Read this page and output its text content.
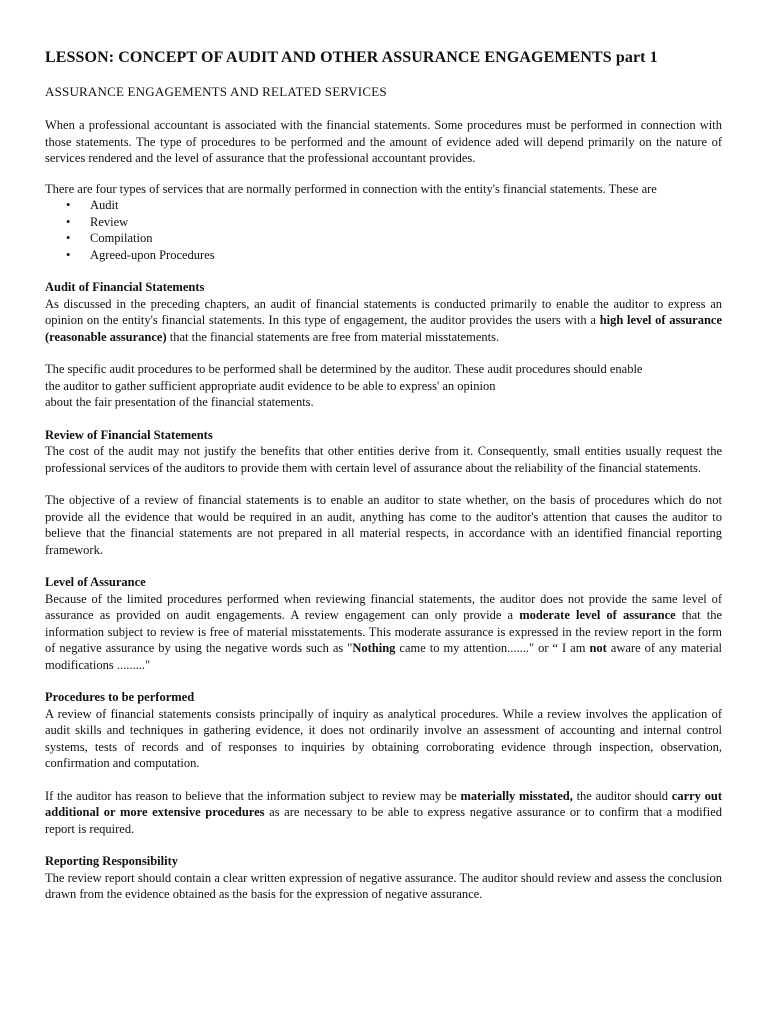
LESSON: CONCEPT OF AUDIT AND OTHER ASSURANCE ENGAGEMENTS part 1
ASSURANCE ENGAGEMENTS AND RELATED SERVICES

When a professional accountant is associated with the financial statements. Some procedures must be performed in connection with those statements. The type of procedures to be performed and the amount of evidence aded will depend primarily on the nature of services rendered and the level of assurance that the professional accountant provides.

There are four types of services that are normally performed in connection with the entity's financial statements. These are

• Audit
• Review
• Compilation
• Agreed-upon Procedures

Audit of Financial Statements

As discussed in the preceding chapters, an audit of financial statements is conducted primarily to enable the auditor to express an opinion on the entity's financial statements. In this type of engagement, the auditor provides the users with a high level of assurance (reasonable assurance) that the financial statements are free from material misstatements.

The specific audit procedures to be performed shall be determined by the auditor. These audit procedures should enable
the auditor to gather sufficient appropriate audit evidence to be able to express' an opinion
about the fair presentation of the financial statements.

Review of Financial Statements

The cost of the audit may not justify the benefits that other entities derive from it. Consequently, small entities usually request the professional services of the auditors to provide them with certain level of assurance about the reliability of the financial statements.

The objective of a review of financial statements is to enable an auditor to state whether, on the basis of procedures which do not provide all the evidence that would be required in an audit, anything has come to the auditor's attention that causes the auditor to believe that the financial statements are not prepared in all material respects, in accordance with an identified financial reporting framework.

Level of Assurance

Because of the limited procedures performed when reviewing financial statements, the auditor does not provide the same level of assurance as provided on audit engagements. A review engagement can only provide a moderate level of assurance that the information subject to review is free of material misstatements. This moderate assurance is expressed in the review report in the form of negative assurance by using the negative words such as "Nothing came to my attention......." or “ I am not aware of any material modifications ........."

Procedures to be performed

A review of financial statements consists principally of inquiry as analytical procedures. While a review involves the application of audit skills and techniques in gathering evidence, it does not ordinarily involve an assessment of accounting and internal control systems, tests of records and of responses to inquiries by obtaining corroborating evidence through inspection, observation, confirmation and computation.

If the auditor has reason to believe that the information subject to review may be materially misstated, the auditor should carry out additional or more extensive procedures as are necessary to be able to express negative assurance or to confirm that a modified report is required.

Reporting Responsibility

The review report should contain a clear written expression of negative assurance. The auditor should review and assess the conclusion drawn from the evidence obtained as the basis for the expression of negative assurance.
